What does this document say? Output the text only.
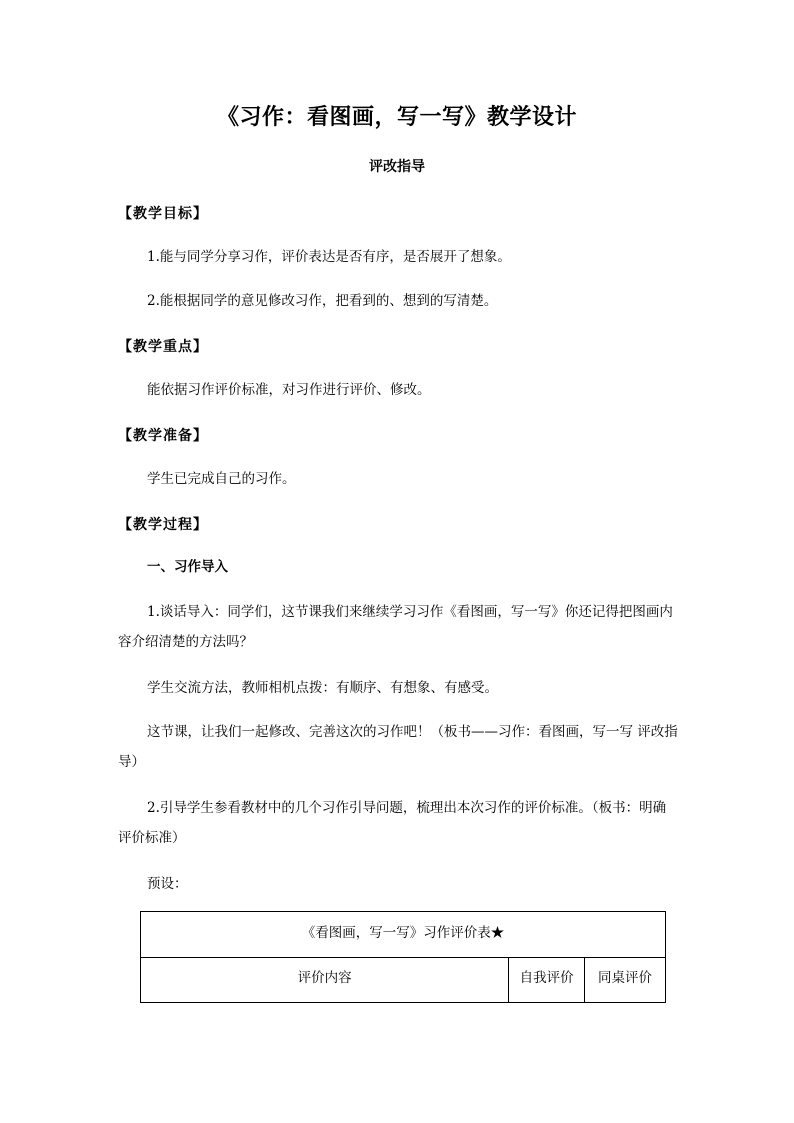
《习作：看图画，写一写》教学设计
评改指导
【教学目标】
1.能与同学分享习作，评价表达是否有序，是否展开了想象。
2.能根据同学的意见修改习作，把看到的、想到的写清楚。
【教学重点】
能依据习作评价标准，对习作进行评价、修改。
【教学准备】
学生已完成自己的习作。
【教学过程】
一、习作导入
1.谈话导入：同学们，这节课我们来继续学习习作《看图画，写一写》你还记得把图画内容介绍清楚的方法吗？
学生交流方法，教师相机点拨：有顺序、有想象、有感受。
这节课，让我们一起修改、完善这次的习作吧！（板书——习作：看图画，写一写 评改指导）
2.引导学生参看教材中的几个习作引导问题，梳理出本次习作的评价标准。（板书：明确评价标准）
预设：
《看图画，写一写》习作评价表★
评价内容	自我评价	同桌评价
